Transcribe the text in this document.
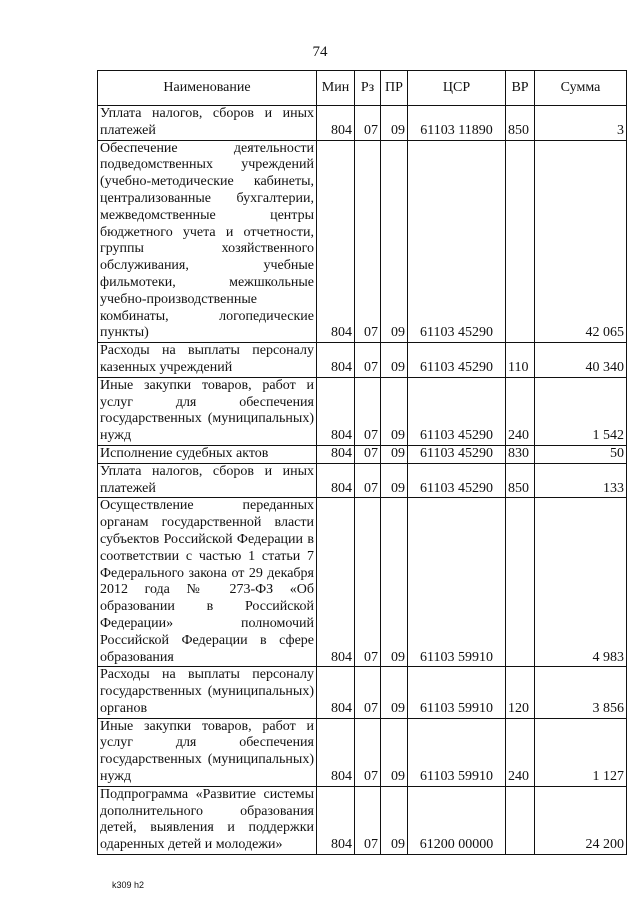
74
Наименование	Мин	Рз	ПР	ЦСР	ВР	Сумма
Уплата налогов, сборов и иных платежей	804	07	09	61103 11890	850	3
Обеспечение деятельности подведомственных учреждений (учебно-методические кабинеты, централизованные бухгалтерии, межведомственные центры бюджетного учета и отчетности, группы хозяйственного обслуживания, учебные фильмотеки, межшкольные учебно-производственные комбинаты, логопедические пункты)	804	07	09	61103 45290		42 065
Расходы на выплаты персоналу казенных учреждений	804	07	09	61103 45290	110	40 340
Иные закупки товаров, работ и услуг для обеспечения государственных (муниципальных) нужд	804	07	09	61103 45290	240	1 542
Исполнение судебных актов	804	07	09	61103 45290	830	50
Уплата налогов, сборов и иных платежей	804	07	09	61103 45290	850	133
Осуществление переданных органам государственной власти субъектов Российской Федерации в соответствии с частью 1 статьи 7 Федерального закона от 29 декабря 2012 года № 273-ФЗ «Об образовании в Российской Федерации» полномочий Российской Федерации в сфере образования	804	07	09	61103 59910		4 983
Расходы на выплаты персоналу государственных (муниципальных) органов	804	07	09	61103 59910	120	3 856
Иные закупки товаров, работ и услуг для обеспечения государственных (муниципальных) нужд	804	07	09	61103 59910	240	1 127
Подпрограмма «Развитие системы дополнительного образования детей, выявления и поддержки одаренных детей и молодежи»	804	07	09	61200 00000		24 200
k309 h2
